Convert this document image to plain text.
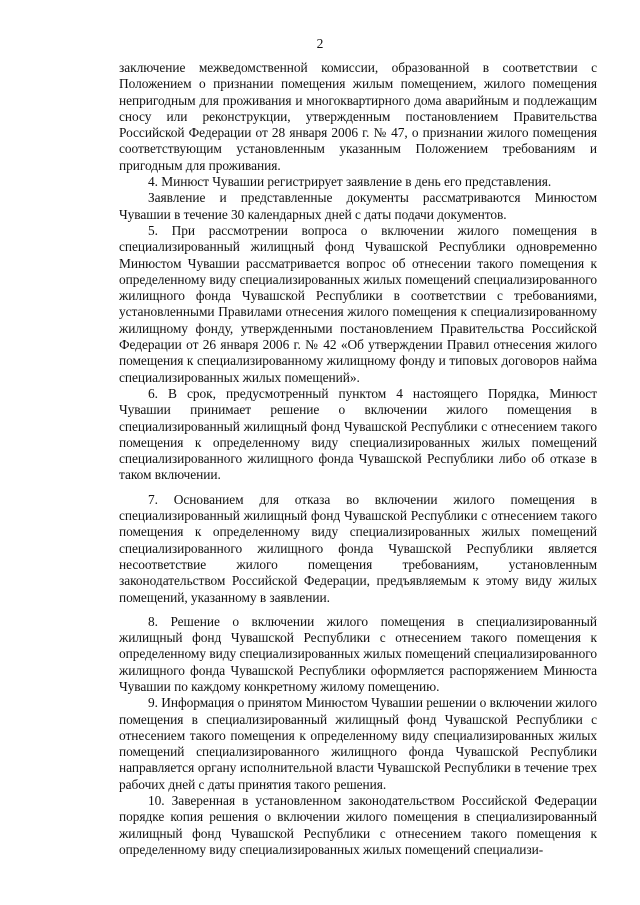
2

заключение межведомственной комиссии, образованной в соответствии с Положением о признании помещения жилым помещением, жилого помещения непригодным для проживания и многоквартирного дома аварийным и подлежащим сносу или реконструкции, утвержденным постановлением Правительства Российской Федерации от 28 января 2006 г. № 47, о признании жилого помещения соответствующим установленным указанным Положением требованиям и пригодным для проживания.

4. Минюст Чувашии регистрирует заявление в день его представления.

Заявление и представленные документы рассматриваются Минюстом Чувашии в течение 30 календарных дней с даты подачи документов.

5. При рассмотрении вопроса о включении жилого помещения в специализированный жилищный фонд Чувашской Республики одновременно Минюстом Чувашии рассматривается вопрос об отнесении такого помещения к определенному виду специализированных жилых помещений специализированного жилищного фонда Чувашской Республики в соответствии с требованиями, установленными Правилами отнесения жилого помещения к специализированному жилищному фонду, утвержденными постановлением Правительства Российской Федерации от 26 января 2006 г. № 42 «Об утверждении Правил отнесения жилого помещения к специализированному жилищному фонду и типовых договоров найма специализированных жилых помещений».

6. В срок, предусмотренный пунктом 4 настоящего Порядка, Минюст Чувашии принимает решение о включении жилого помещения в специализированный жилищный фонд Чувашской Республики с отнесением такого помещения к определенному виду специализированных жилых помещений специализированного жилищного фонда Чувашской Республики либо об отказе в таком включении.

7. Основанием для отказа во включении жилого помещения в специализированный жилищный фонд Чувашской Республики с отнесением такого помещения к определенному виду специализированных жилых помещений специализированного жилищного фонда Чувашской Республики является несоответствие жилого помещения требованиям, установленным законодательством Российской Федерации, предъявляемым к этому виду жилых помещений, указанному в заявлении.

8. Решение о включении жилого помещения в специализированный жилищный фонд Чувашской Республики с отнесением такого помещения к определенному виду специализированных жилых помещений специализированного жилищного фонда Чувашской Республики оформляется распоряжением Минюста Чувашии по каждому конкретному жилому помещению.

9. Информация о принятом Минюстом Чувашии решении о включении жилого помещения в специализированный жилищный фонд Чувашской Республики с отнесением такого помещения к определенному виду специализированных жилых помещений специализированного жилищного фонда Чувашской Республики направляется органу исполнительной власти Чувашской Республики в течение трех рабочих дней с даты принятия такого решения.

10. Заверенная в установленном законодательством Российской Федерации порядке копия решения о включении жилого помещения в специализированный жилищный фонд Чувашской Республики с отнесением такого помещения к определенному виду специализированных жилых помещений специализи-
